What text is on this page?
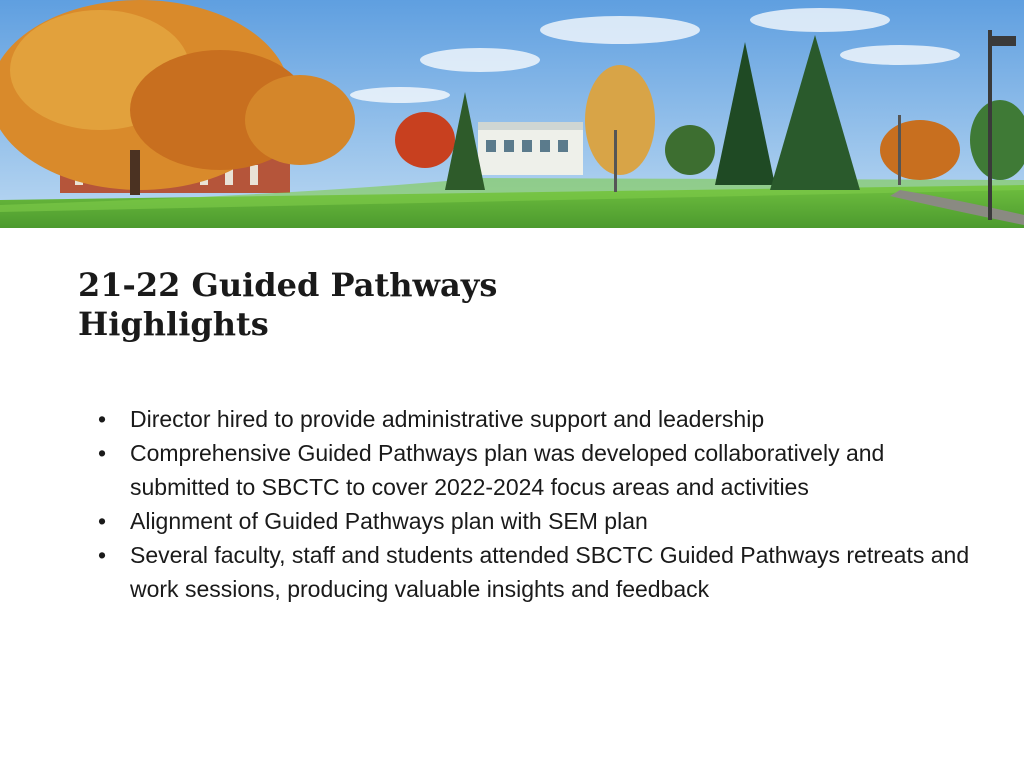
21-22 Guided Pathways
Highlights
•	Director hired to provide administrative support and leadership
•	Comprehensive Guided Pathways plan was developed collaboratively and submitted to SBCTC to cover 2022-2024 focus areas and activities
•	Alignment of Guided Pathways plan with SEM plan
•	Several faculty, staff and students attended SBCTC Guided Pathways retreats and work sessions, producing valuable insights and feedback
